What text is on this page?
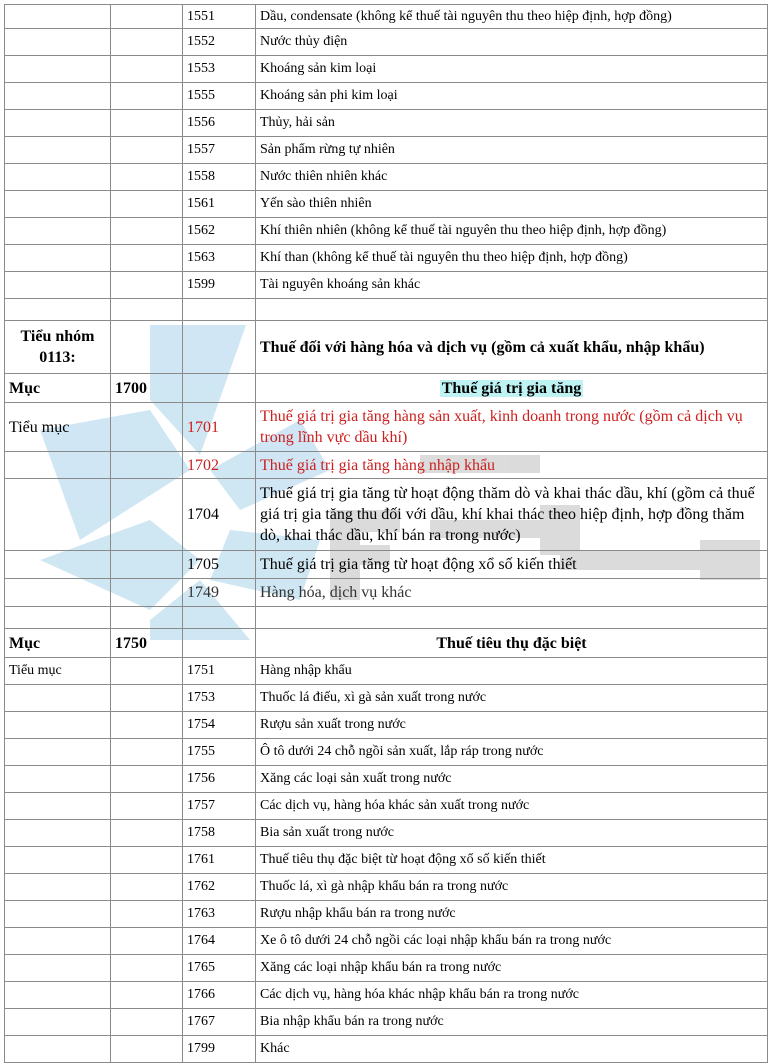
		1551	Dầu, condensate (không kể thuế tài nguyên thu theo hiệp định, hợp đồng)
		1552	Nước thủy điện
		1553	Khoáng sản kim loại
		1555	Khoáng sản phi kim loại
		1556	Thủy, hải sản
		1557	Sản phẩm rừng tự nhiên
		1558	Nước thiên nhiên khác
		1561	Yến sào thiên nhiên
		1562	Khí thiên nhiên (không kể thuế tài nguyên thu theo hiệp định, hợp đồng)
		1563	Khí than (không kể thuế tài nguyên thu theo hiệp định, hợp đồng)
		1599	Tài nguyên khoáng sản khác

Tiểu nhóm 0113:			Thuế đối với hàng hóa và dịch vụ (gồm cả xuất khẩu, nhập khẩu)
Mục	1700		Thuế giá trị gia tăng
Tiểu mục		1701	Thuế giá trị gia tăng hàng sản xuất, kinh doanh trong nước (gồm cả dịch vụ trong lĩnh vực dầu khí)
		1702	Thuế giá trị gia tăng hàng nhập khẩu
		1704	Thuế giá trị gia tăng từ hoạt động thăm dò và khai thác dầu, khí (gồm cả thuế giá trị gia tăng thu đối với dầu, khí khai thác theo hiệp định, hợp đồng thăm dò, khai thác dầu, khí bán ra trong nước)
		1705	Thuế giá trị gia tăng từ hoạt động xổ số kiến thiết
		1749	Hàng hóa, dịch vụ khác

Mục	1750		Thuế tiêu thụ đặc biệt
Tiểu mục		1751	Hàng nhập khẩu
		1753	Thuốc lá điếu, xì gà sản xuất trong nước
		1754	Rượu sản xuất trong nước
		1755	Ô tô dưới 24 chỗ ngồi sản xuất, lắp ráp trong nước
		1756	Xăng các loại sản xuất trong nước
		1757	Các dịch vụ, hàng hóa khác sản xuất trong nước
		1758	Bia sản xuất trong nước
		1761	Thuế tiêu thụ đặc biệt từ hoạt động xổ số kiến thiết
		1762	Thuốc lá, xì gà nhập khẩu bán ra trong nước
		1763	Rượu nhập khẩu bán ra trong nước
		1764	Xe ô tô dưới 24 chỗ ngồi các loại nhập khẩu bán ra trong nước
		1765	Xăng các loại nhập khẩu bán ra trong nước
		1766	Các dịch vụ, hàng hóa khác nhập khẩu bán ra trong nước
		1767	Bia nhập khẩu bán ra trong nước
		1799	Khác
